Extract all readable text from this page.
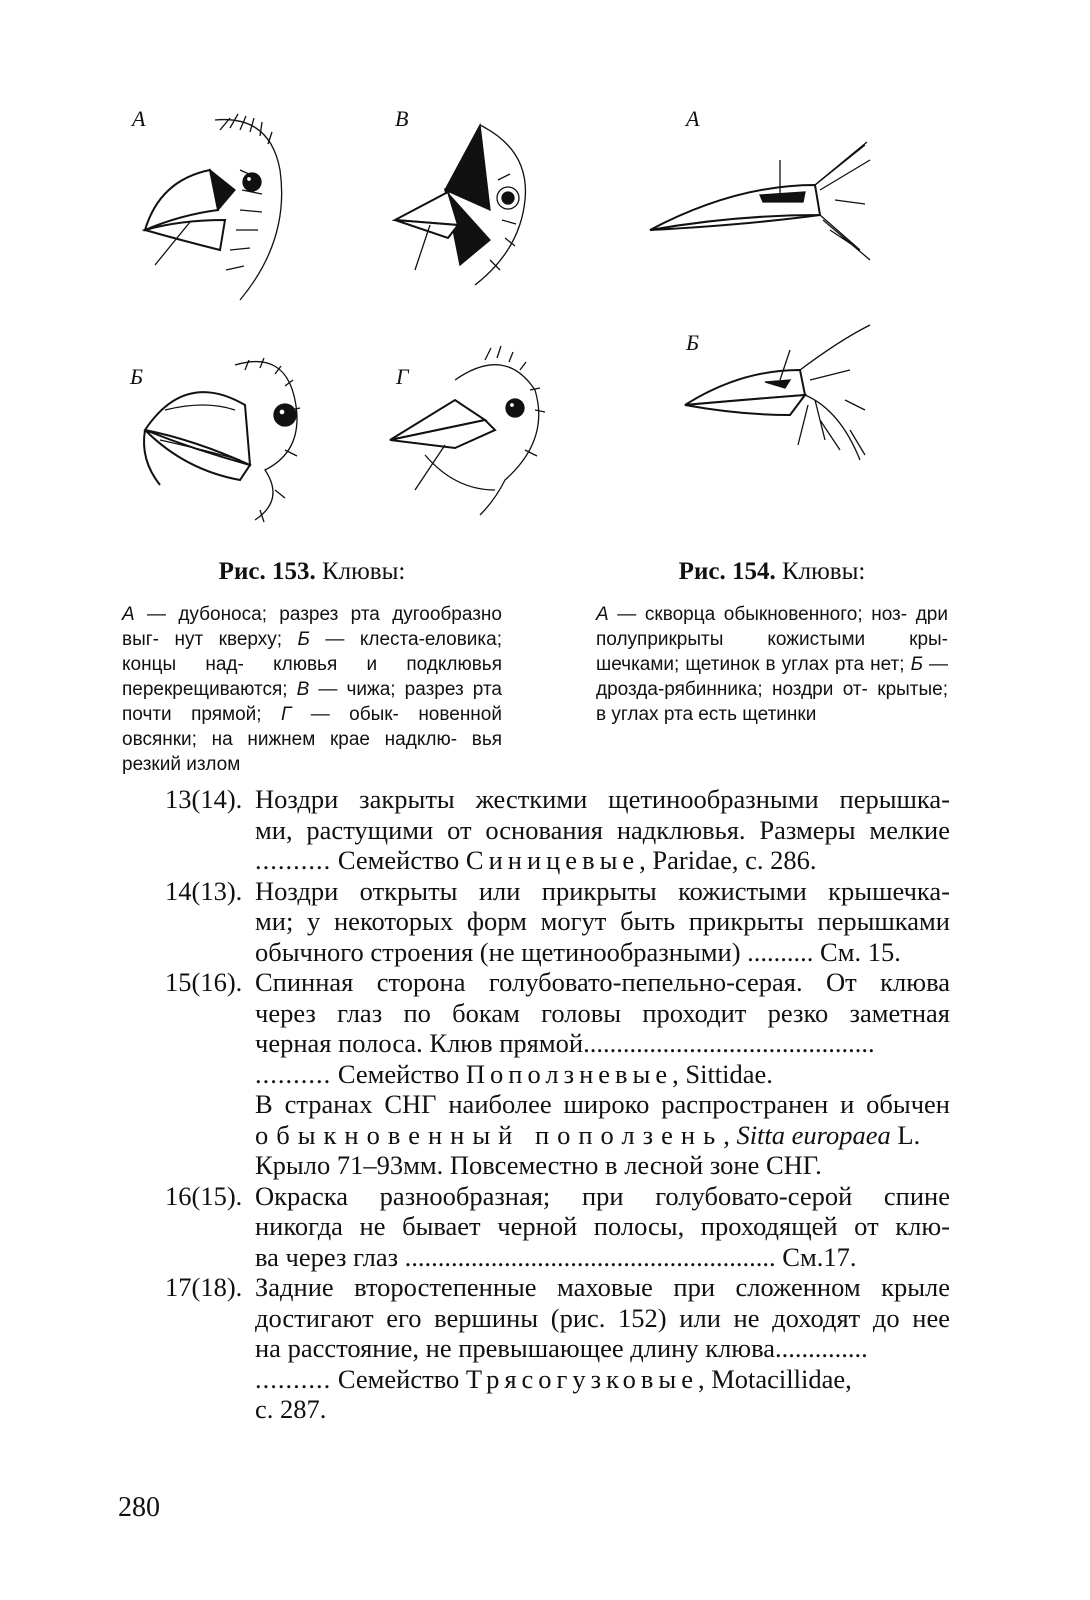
А	В
Б	Г
А
Б
Рис. 153. Клювы:
А — дубоноса; разрез рта дугообразно выг- нут кверху; Б — клеста-еловика; концы над- клювья и подклювья перекрещиваются; В — чижа; разрез рта почти прямой; Г — обык- новенной овсянки; на нижнем крае надклю- вья резкий излом
Рис. 154. Клювы:
А — скворца обыкновенного; ноз- дри полуприкрыты кожистыми кры- шечками; щетинок в углах рта нет; Б — дрозда-рябинника; ноздри от- крытые; в углах рта есть щетинки
13(14). Ноздри закрыты жесткими щетинообразными перышка-
ми, растущими от основания надклювья. Размеры мелкие
.......... Семейство Синицевые, Paridae, с. 286.
14(13). Ноздри открыты или прикрыты кожистыми крышечка-
ми; у некоторых форм могут быть прикрыты перышками
обычного строения (не щетинообразными) .......... См. 15.
15(16). Спинная сторона голубовато-пепельно-серая. От клюва
через глаз по бокам головы проходит резко заметная
черная полоса. Клюв прямой............................................
.......... Семейство Поползневые, Sittidae.
В странах СНГ наиболее широко распространен и обычен
обыкновенный поползень, Sitta europaea L.
Крыло 71–93мм. Повсеместно в лесной зоне СНГ.
16(15). Окраска разнообразная; при голубовато-серой спине
никогда не бывает черной полосы, проходящей от клю-
ва через глаз ........................................................ См.17.
17(18). Задние второстепенные маховые при сложенном крыле
достигают его вершины (рис. 152) или не доходят до нее
на расстояние, не превышающее длину клюва..............
.......... Семейство Трясогузковые, Motacillidae,
с. 287.
280
